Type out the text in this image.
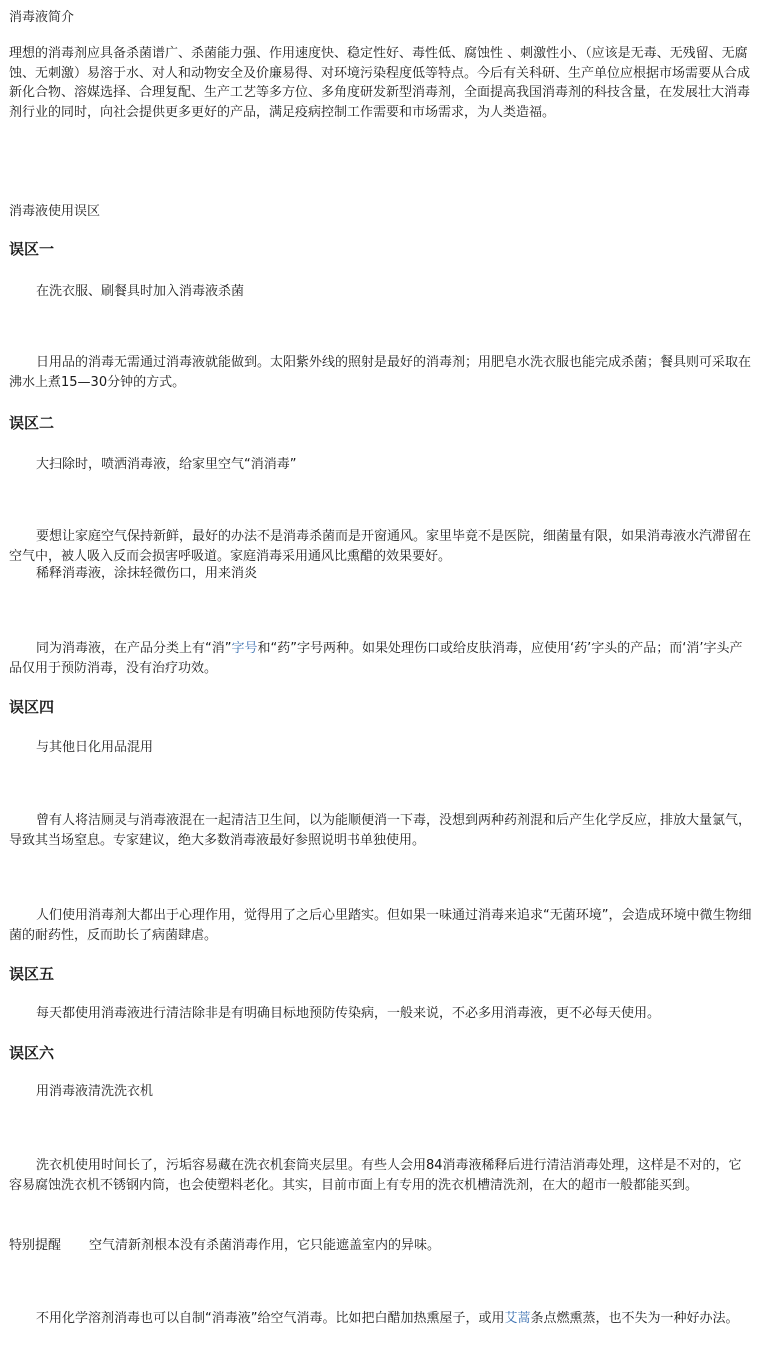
消毒液简介

理想的消毒剂应具备杀菌谱广、杀菌能力强、作用速度快、稳定性好、毒性低、腐蚀性 、刺激性小、（应该是无毒、无残留、无腐蚀、无刺激）易溶于水、对人和动物安全及价廉易得、对环境污染程度低等特点。今后有关科研、生产单位应根据市场需要从合成新化合物、溶媒选择、合理复配、生产工艺等多方位、多角度研发新型消毒剂，全面提高我国消毒剂的科技含量，在发展壮大消毒剂行业的同时，向社会提供更多更好的产品，满足疫病控制工作需要和市场需求，为人类造福。

消毒液使用误区

误区一

在洗衣服、刷餐具时加入消毒液杀菌

日用品的消毒无需通过消毒液就能做到。太阳紫外线的照射是最好的消毒剂；用肥皂水洗衣服也能完成杀菌；餐具则可采取在沸水上煮15—30分钟的方式。

误区二

大扫除时，喷洒消毒液，给家里空气“消消毒”

要想让家庭空气保持新鲜，最好的办法不是消毒杀菌而是开窗通风。家里毕竟不是医院，细菌量有限，如果消毒液水汽滞留在空气中，被人吸入反而会损害呼吸道。家庭消毒采用通风比熏醋的效果要好。

稀释消毒液，涂抹轻微伤口，用来消炎

同为消毒液，在产品分类上有“消”字号和“药”字号两种。如果处理伤口或给皮肤消毒，应使用‘药’字头的产品；而‘消’字头产品仅用于预防消毒，没有治疗功效。

误区四

与其他日化用品混用

曾有人将洁厕灵与消毒液混在一起清洁卫生间，以为能顺便消一下毒，没想到两种药剂混和后产生化学反应，排放大量氯气，导致其当场窒息。专家建议，绝大多数消毒液最好参照说明书单独使用。

人们使用消毒剂大都出于心理作用，觉得用了之后心里踏实。但如果一味通过消毒来追求“无菌环境”，会造成环境中微生物细菌的耐药性，反而助长了病菌肆虐。

误区五

每天都使用消毒液进行清洁除非是有明确目标地预防传染病，一般来说，不必多用消毒液，更不必每天使用。

误区六

用消毒液清洗洗衣机

洗衣机使用时间长了，污垢容易藏在洗衣机套筒夹层里。有些人会用84消毒液稀释后进行清洁消毒处理，这样是不对的，它容易腐蚀洗衣机不锈钢内筒，也会使塑料老化。其实，目前市面上有专用的洗衣机槽清洗剂，在大的超市一般都能买到。

特别提醒 空气清新剂根本没有杀菌消毒作用，它只能遮盖室内的异味。

不用化学溶剂消毒也可以自制“消毒液”给空气消毒。比如把白醋加热熏屋子，或用艾蒿条点燃熏蒸，也不失为一种好办法。
